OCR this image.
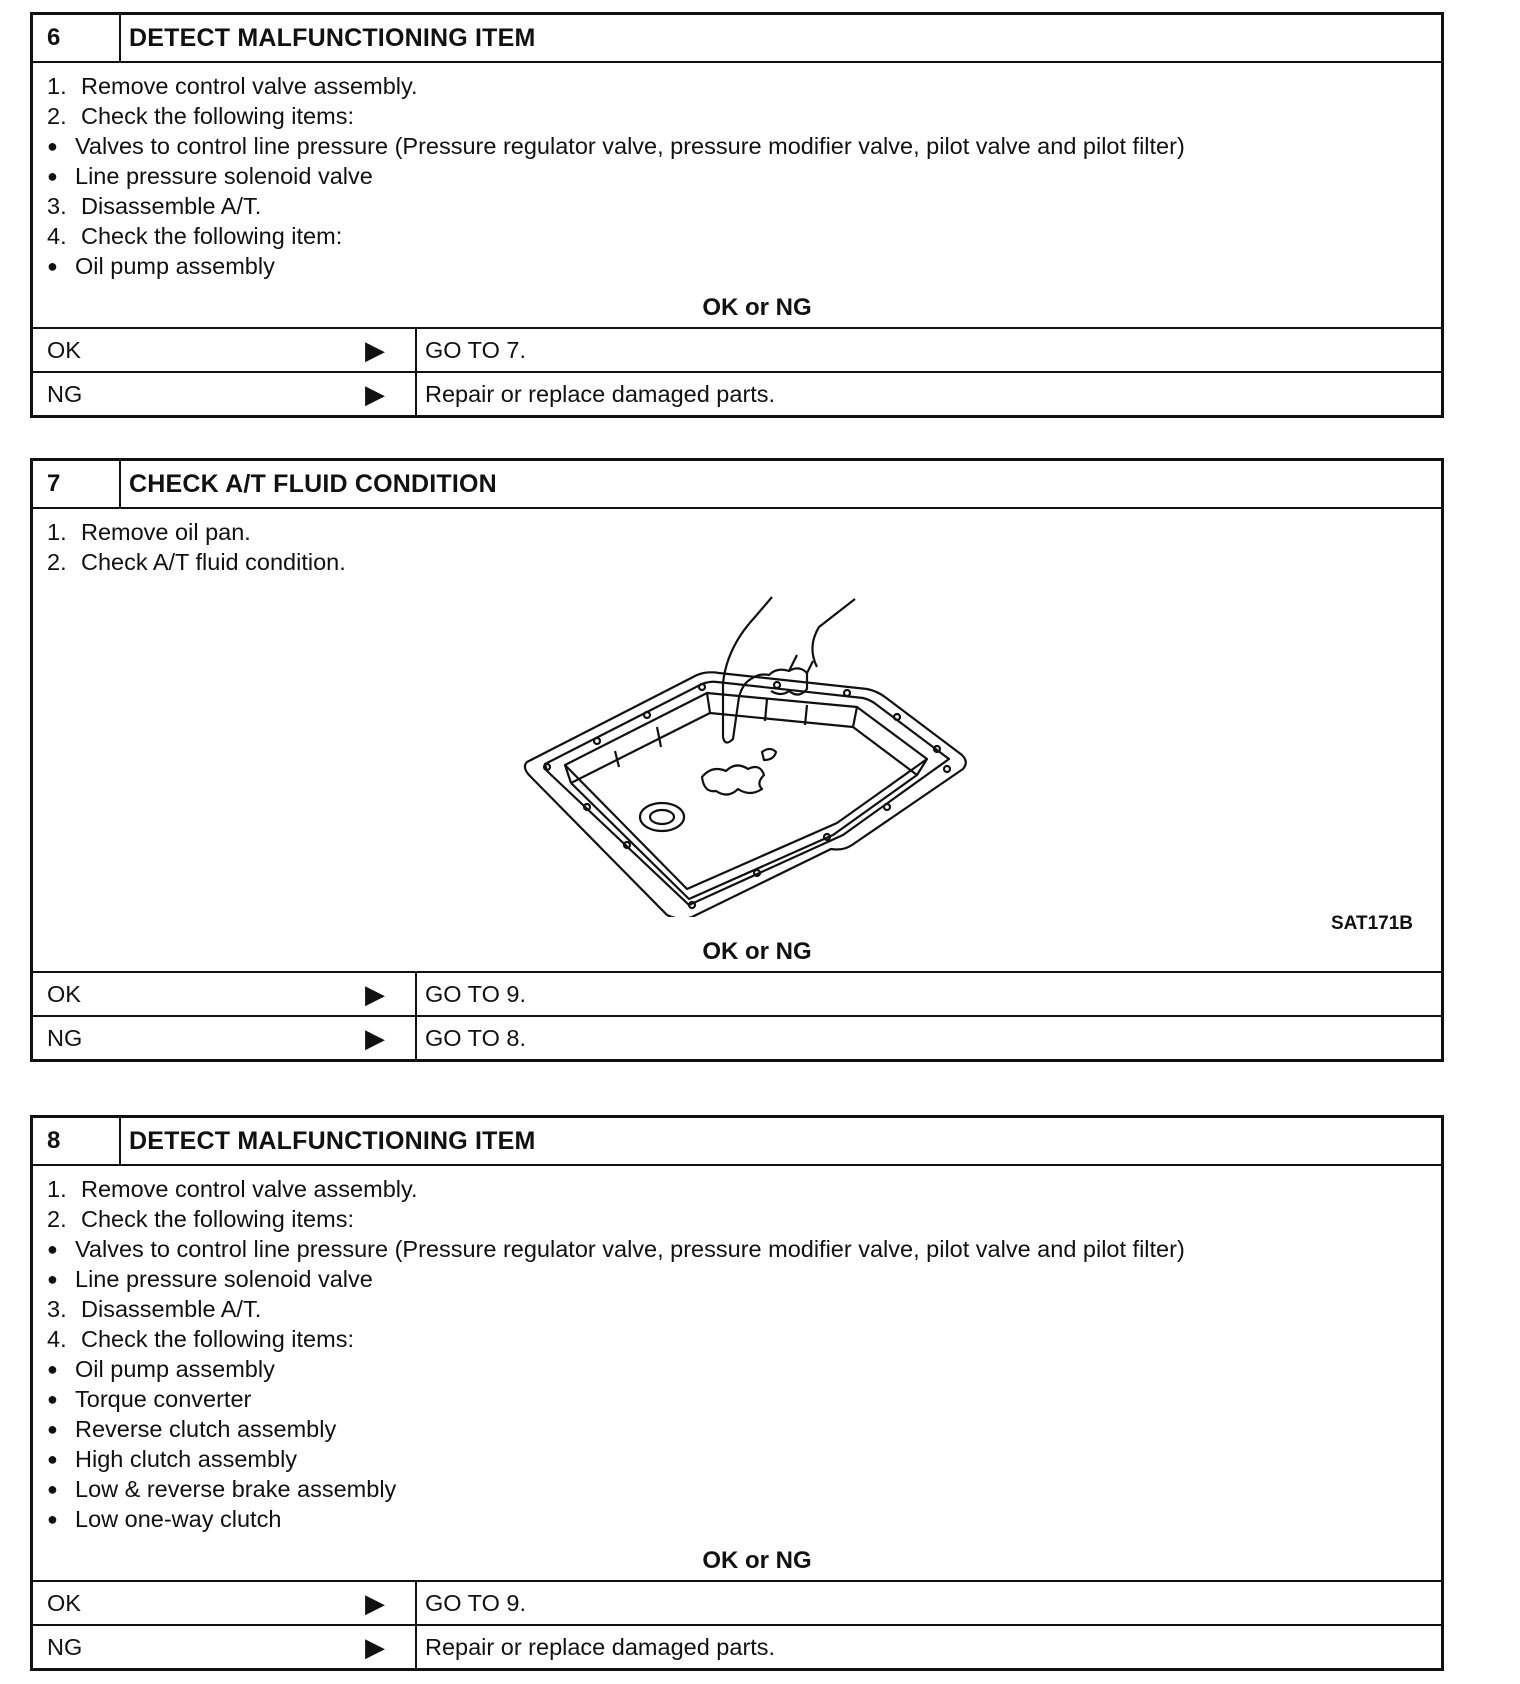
6	DETECT MALFUNCTIONING ITEM
1. Remove control valve assembly.
2. Check the following items:
● Valves to control line pressure (Pressure regulator valve, pressure modifier valve, pilot valve and pilot filter)
● Line pressure solenoid valve
3. Disassemble A/T.
4. Check the following item:
● Oil pump assembly
OK or NG
OK	▶	GO TO 7.
NG	▶	Repair or replace damaged parts.
7	CHECK A/T FLUID CONDITION
1. Remove oil pan.
2. Check A/T fluid condition.
SAT171B
OK or NG
OK	▶	GO TO 9.
NG	▶	GO TO 8.
8	DETECT MALFUNCTIONING ITEM
1. Remove control valve assembly.
2. Check the following items:
● Valves to control line pressure (Pressure regulator valve, pressure modifier valve, pilot valve and pilot filter)
● Line pressure solenoid valve
3. Disassemble A/T.
4. Check the following items:
● Oil pump assembly
● Torque converter
● Reverse clutch assembly
● High clutch assembly
● Low & reverse brake assembly
● Low one-way clutch
OK or NG
OK	▶	GO TO 9.
NG	▶	Repair or replace damaged parts.
